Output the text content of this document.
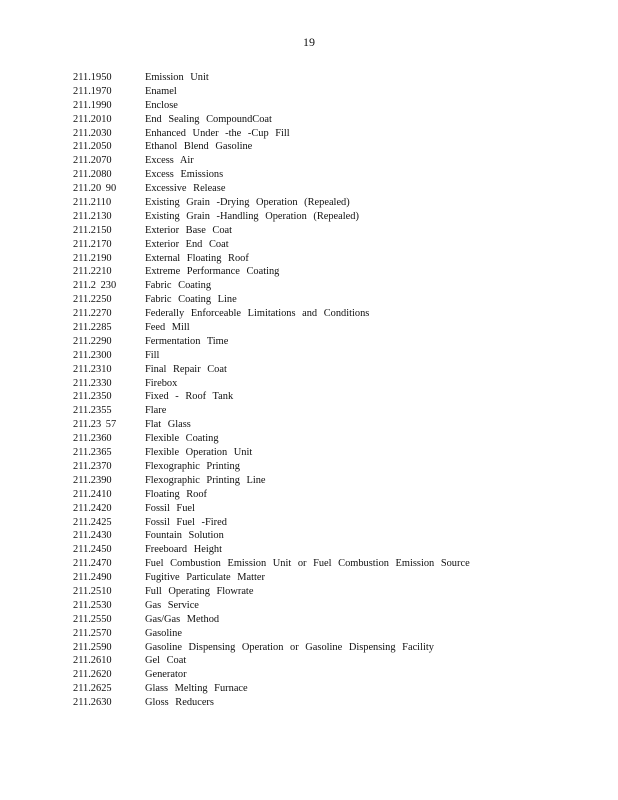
19
211.1950	Emission Unit
211.1970	Enamel
211.1990	Enclose
211.2010	End Sealing CompoundCoat
211.2030	Enhanced Under -the -Cup Fill
211.2050	Ethanol Blend Gasoline
211.2070	Excess Air
211.2080	Excess Emissions
211.20 90	Excessive Release
211.2110	Existing Grain -Drying Operation (Repealed)
211.2130	Existing Grain -Handling Operation (Repealed)
211.2150	Exterior Base Coat
211.2170	Exterior End Coat
211.2190	External Floating Roof
211.2210	Extreme Performance Coating
211.2 230	Fabric Coating
211.2250	Fabric Coating Line
211.2270	Federally Enforceable Limitations and Conditions
211.2285	Feed Mill
211.2290	Fermentation Time
211.2300	Fill
211.2310	Final Repair Coat
211.2330	Firebox
211.2350	Fixed - Roof Tank
211.2355	Flare
211.23 57	Flat Glass
211.2360	Flexible Coating
211.2365	Flexible Operation Unit
211.2370	Flexographic Printing
211.2390	Flexographic Printing Line
211.2410	Floating Roof
211.2420	Fossil Fuel
211.2425	Fossil Fuel -Fired
211.2430	Fountain Solution
211.2450	Freeboard Height
211.2470	Fuel Combustion Emission Unit or Fuel Combustion Emission Source
211.2490	Fugitive Particulate Matter
211.2510	Full Operating Flowrate
211.2530	Gas Service
211.2550	Gas/Gas Method
211.2570	Gasoline
211.2590	Gasoline Dispensing Operation or Gasoline Dispensing Facility
211.2610	Gel Coat
211.2620	Generator
211.2625	Glass Melting Furnace
211.2630	Gloss Reducers
